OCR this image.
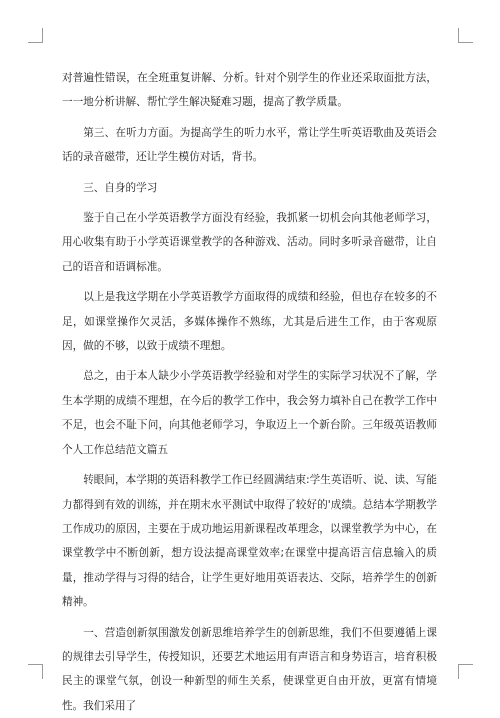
对普遍性错误，在全班重复讲解、分析。针对个别学生的作业还采取面批方法，一一地分析讲解、帮忙学生解决疑难习题，提高了教学质量。

第三、在听力方面。为提高学生的听力水平，常让学生听英语歌曲及英语会话的录音磁带，还让学生模仿对话，背书。

三、自身的学习

鉴于自己在小学英语教学方面没有经验，我抓紧一切机会向其他老师学习，用心收集有助于小学英语课堂教学的各种游戏、活动。同时多听录音磁带，让自己的语音和语调标准。

以上是我这学期在小学英语教学方面取得的成绩和经验，但也存在较多的不足，如课堂操作欠灵活，多媒体操作不熟练，尤其是后进生工作，由于客观原因，做的不够，以致于成绩不理想。

总之，由于本人缺少小学英语教学经验和对学生的实际学习状况不了解，学生本学期的成绩不理想，在今后的教学工作中，我会努力填补自己在教学工作中不足，也会不耻下问，向其他老师学习，争取迈上一个新台阶。三年级英语教师个人工作总结范文篇五

转眼间，本学期的英语科教学工作已经圆满结束:学生英语听、说、读、写能力都得到有效的训练，并在期末水平测试中取得了较好的'成绩。总结本学期教学工作成功的原因，主要在于成功地运用新课程改革理念，以课堂教学为中心，在课堂教学中不断创新，想方设法提高课堂效率;在课堂中提高语言信息输入的质量，推动学得与习得的结合，让学生更好地用英语表达、交际，培养学生的创新精神。

一、营造创新氛围激发创新思维培养学生的创新思维，我们不但要遵循上课的规律去引导学生，传授知识，还要艺术地运用有声语言和身势语言，培育积极民主的课堂气氛，创设一种新型的师生关系，使课堂更自由开放，更富有情境性。我们采用了
